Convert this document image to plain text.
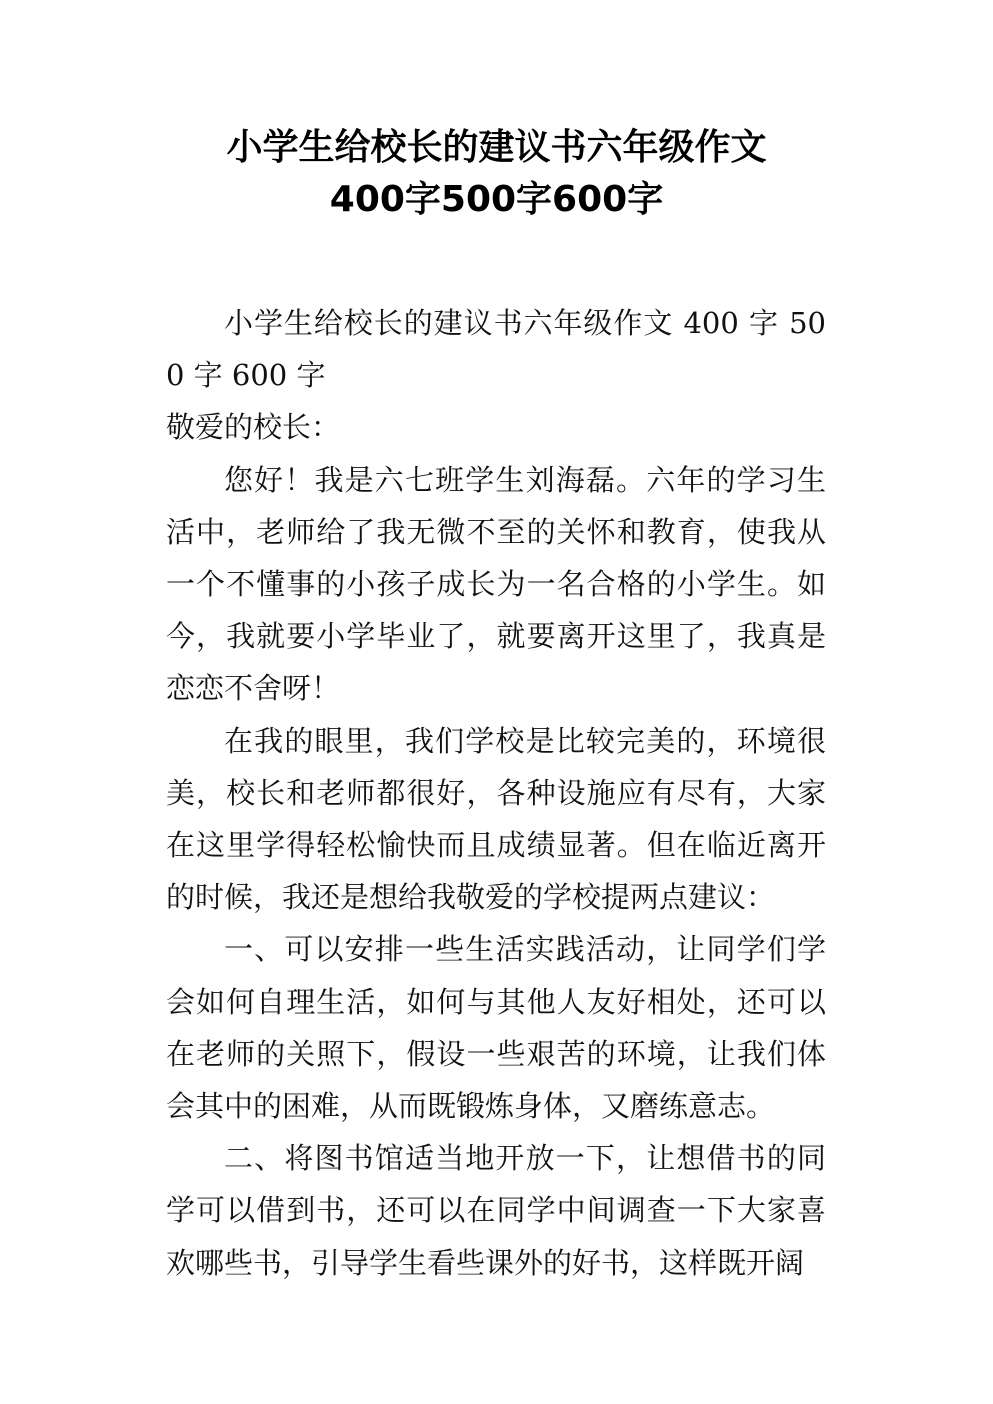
小学生给校长的建议书六年级作文
400字500字600字

小学生给校长的建议书六年级作文 400 字 500 字 600 字

敬爱的校长：

您好！我是六七班学生刘海磊。六年的学习生活中，老师给了我无微不至的关怀和教育，使我从一个不懂事的小孩子成长为一名合格的小学生。如今，我就要小学毕业了，就要离开这里了，我真是恋恋不舍呀！

在我的眼里，我们学校是比较完美的，环境很美，校长和老师都很好，各种设施应有尽有，大家在这里学得轻松愉快而且成绩显著。但在临近离开的时候，我还是想给我敬爱的学校提两点建议：

一、可以安排一些生活实践活动，让同学们学会如何自理生活，如何与其他人友好相处，还可以在老师的关照下，假设一些艰苦的环境，让我们体会其中的困难，从而既锻炼身体，又磨练意志。

二、将图书馆适当地开放一下，让想借书的同学可以借到书，还可以在同学中间调查一下大家喜欢哪些书，引导学生看些课外的好书，这样既开阔
